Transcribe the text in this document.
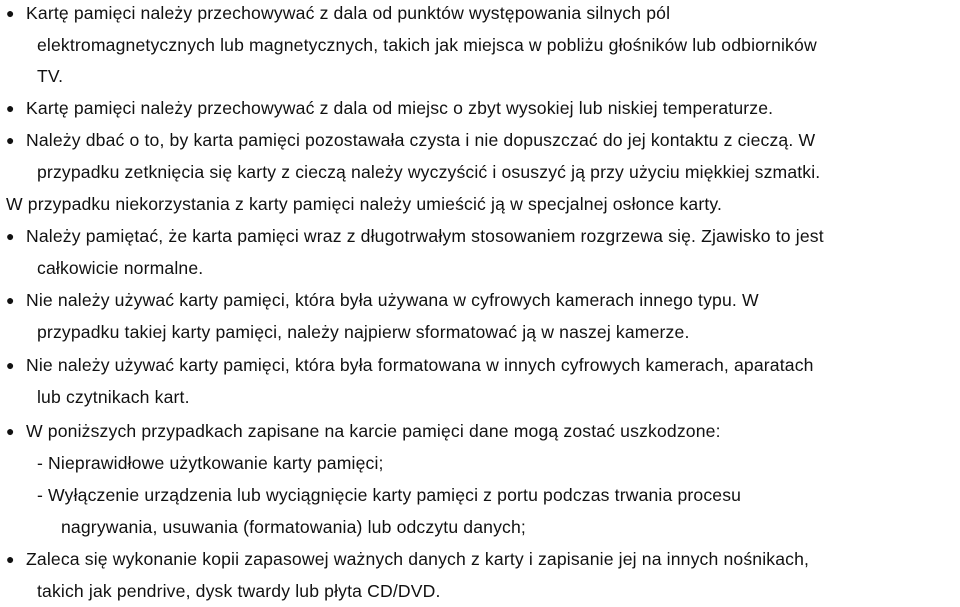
● Kartę pamięci należy przechowywać z dala od punktów występowania silnych pól
elektromagnetycznych lub magnetycznych, takich jak miejsca w pobliżu głośników lub odbiorników
TV.
● Kartę pamięci należy przechowywać z dala od miejsc o zbyt wysokiej lub niskiej temperaturze.
● Należy dbać o to, by karta pamięci pozostawała czysta i nie dopuszczać do jej kontaktu z cieczą. W
przypadku zetknięcia się karty z cieczą należy wyczyścić i osuszyć ją przy użyciu miękkiej szmatki.
W przypadku niekorzystania z karty pamięci należy umieścić ją w specjalnej osłonce karty.
● Należy pamiętać, że karta pamięci wraz z długotrwałym stosowaniem rozgrzewa się. Zjawisko to jest
całkowicie normalne.
● Nie należy używać karty pamięci, która była używana w cyfrowych kamerach innego typu. W
przypadku takiej karty pamięci, należy najpierw sformatować ją w naszej kamerze.
● Nie należy używać karty pamięci, która była formatowana w innych cyfrowych kamerach, aparatach
lub czytnikach kart.
● W poniższych przypadkach zapisane na karcie pamięci dane mogą zostać uszkodzone:
- Nieprawidłowe użytkowanie karty pamięci;
- Wyłączenie urządzenia lub wyciągnięcie karty pamięci z portu podczas trwania procesu
nagrywania, usuwania (formatowania) lub odczytu danych;
● Zaleca się wykonanie kopii zapasowej ważnych danych z karty i zapisanie jej na innych nośnikach,
takich jak pendrive, dysk twardy lub płyta CD/DVD.
